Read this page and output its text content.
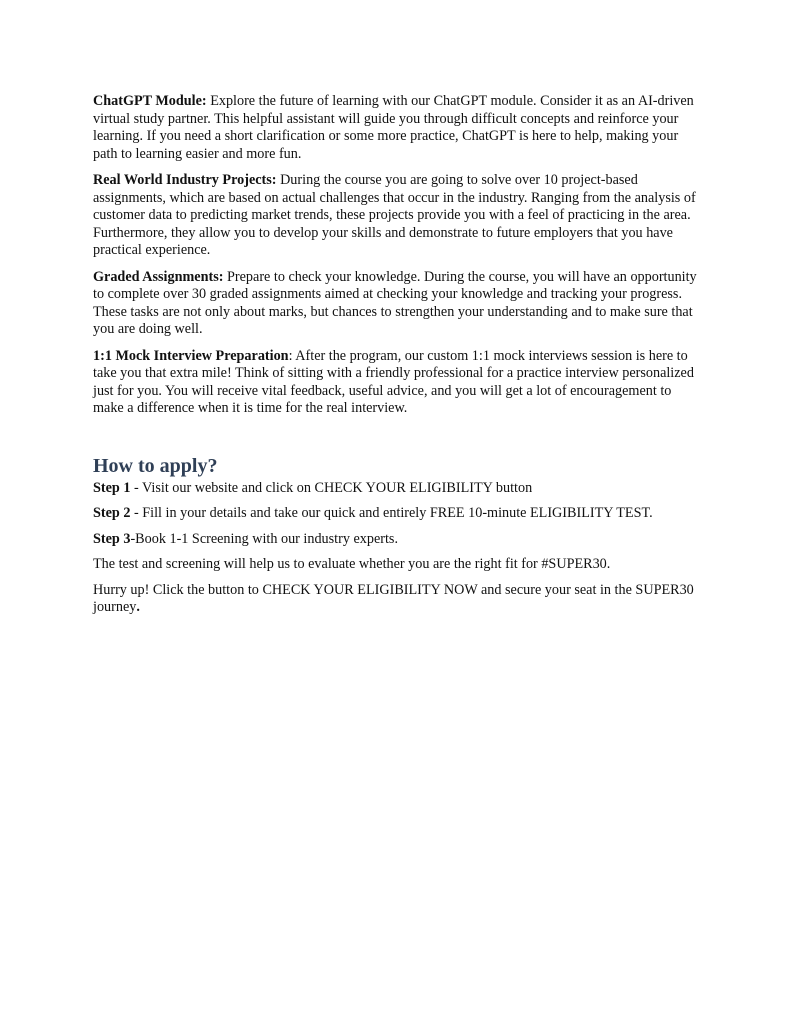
ChatGPT Module: Explore the future of learning with our ChatGPT module. Consider it as an AI-driven virtual study partner. This helpful assistant will guide you through difficult concepts and reinforce your learning. If you need a short clarification or some more practice, ChatGPT is here to help, making your path to learning easier and more fun.

Real World Industry Projects: During the course you are going to solve over 10 project-based assignments, which are based on actual challenges that occur in the industry. Ranging from the analysis of customer data to predicting market trends, these projects provide you with a feel of practicing in the area. Furthermore, they allow you to develop your skills and demonstrate to future employers that you have practical experience.

Graded Assignments: Prepare to check your knowledge. During the course, you will have an opportunity to complete over 30 graded assignments aimed at checking your knowledge and tracking your progress. These tasks are not only about marks, but chances to strengthen your understanding and to make sure that you are doing well.

1:1 Mock Interview Preparation: After the program, our custom 1:1 mock interviews session is here to take you that extra mile! Think of sitting with a friendly professional for a practice interview personalized just for you. You will receive vital feedback, useful advice, and you will get a lot of encouragement to make a difference when it is time for the real interview.

How to apply?

Step 1 - Visit our website and click on CHECK YOUR ELIGIBILITY button

Step 2 - Fill in your details and take our quick and entirely FREE 10-minute ELIGIBILITY TEST.

Step 3-Book 1-1 Screening with our industry experts.

The test and screening will help us to evaluate whether you are the right fit for #SUPER30.

Hurry up! Click the button to CHECK YOUR ELIGIBILITY NOW and secure your seat in the SUPER30 journey.
